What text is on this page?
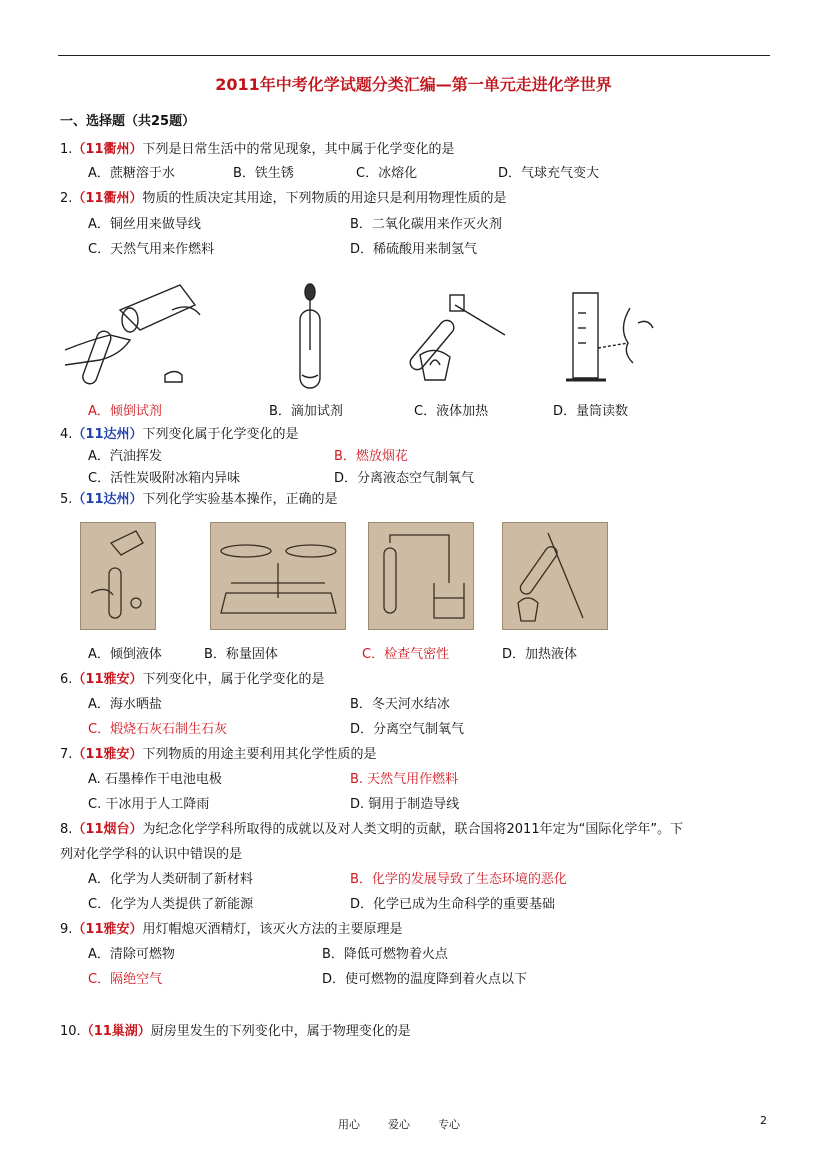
2011年中考化学试题分类汇编—第一单元走进化学世界
一、选择题（共25题）
1.（11衢州）下列是日常生活中的常见现象，其中属于化学变化的是
A．蔗糖溶于水	B．铁生锈	C．冰熔化	D．气球充气变大
2.（11衢州）物质的性质决定其用途，下列物质的用途只是利用物理性质的是
A．铜丝用来做导线	B．二氧化碳用来作灭火剂
C．天然气用来作燃料	D．稀硫酸用来制氢气
A．倾倒试剂	B．滴加试剂	C．液体加热	D．量筒读数
4.（11达州）下列变化属于化学变化的是
A．汽油挥发	B．燃放烟花
C．活性炭吸附冰箱内异味	D．分离液态空气制氧气
5.（11达州）下列化学实验基本操作，正确的是
A．倾倒液体	B．称量固体	C．检查气密性	D．加热液体
6.（11雅安）下列变化中，属于化学变化的是
A．海水晒盐	B．冬天河水结冰
C．煅烧石灰石制生石灰	D．分离空气制氧气
7.（11雅安）下列物质的用途主要利用其化学性质的是
A. 石墨棒作干电池电极	B. 天然气用作燃料
C. 干冰用于人工降雨	D. 铜用于制造导线
8.（11烟台）为纪念化学学科所取得的成就以及对人类文明的贡献，联合国将2011年定为“国际化学年”。下
列对化学学科的认识中错误的是
A．化学为人类研制了新材料	B．化学的发展导致了生态环境的恶化
C．化学为人类提供了新能源	D．化学已成为生命科学的重要基础
9.（11雅安）用灯帽熄灭酒精灯，该灭火方法的主要原理是
A．清除可燃物	B．降低可燃物着火点
C．隔绝空气	D．使可燃物的温度降到着火点以下
10.（11巢湖）厨房里发生的下列变化中，属于物理变化的是
用心	爱心	专心	2
